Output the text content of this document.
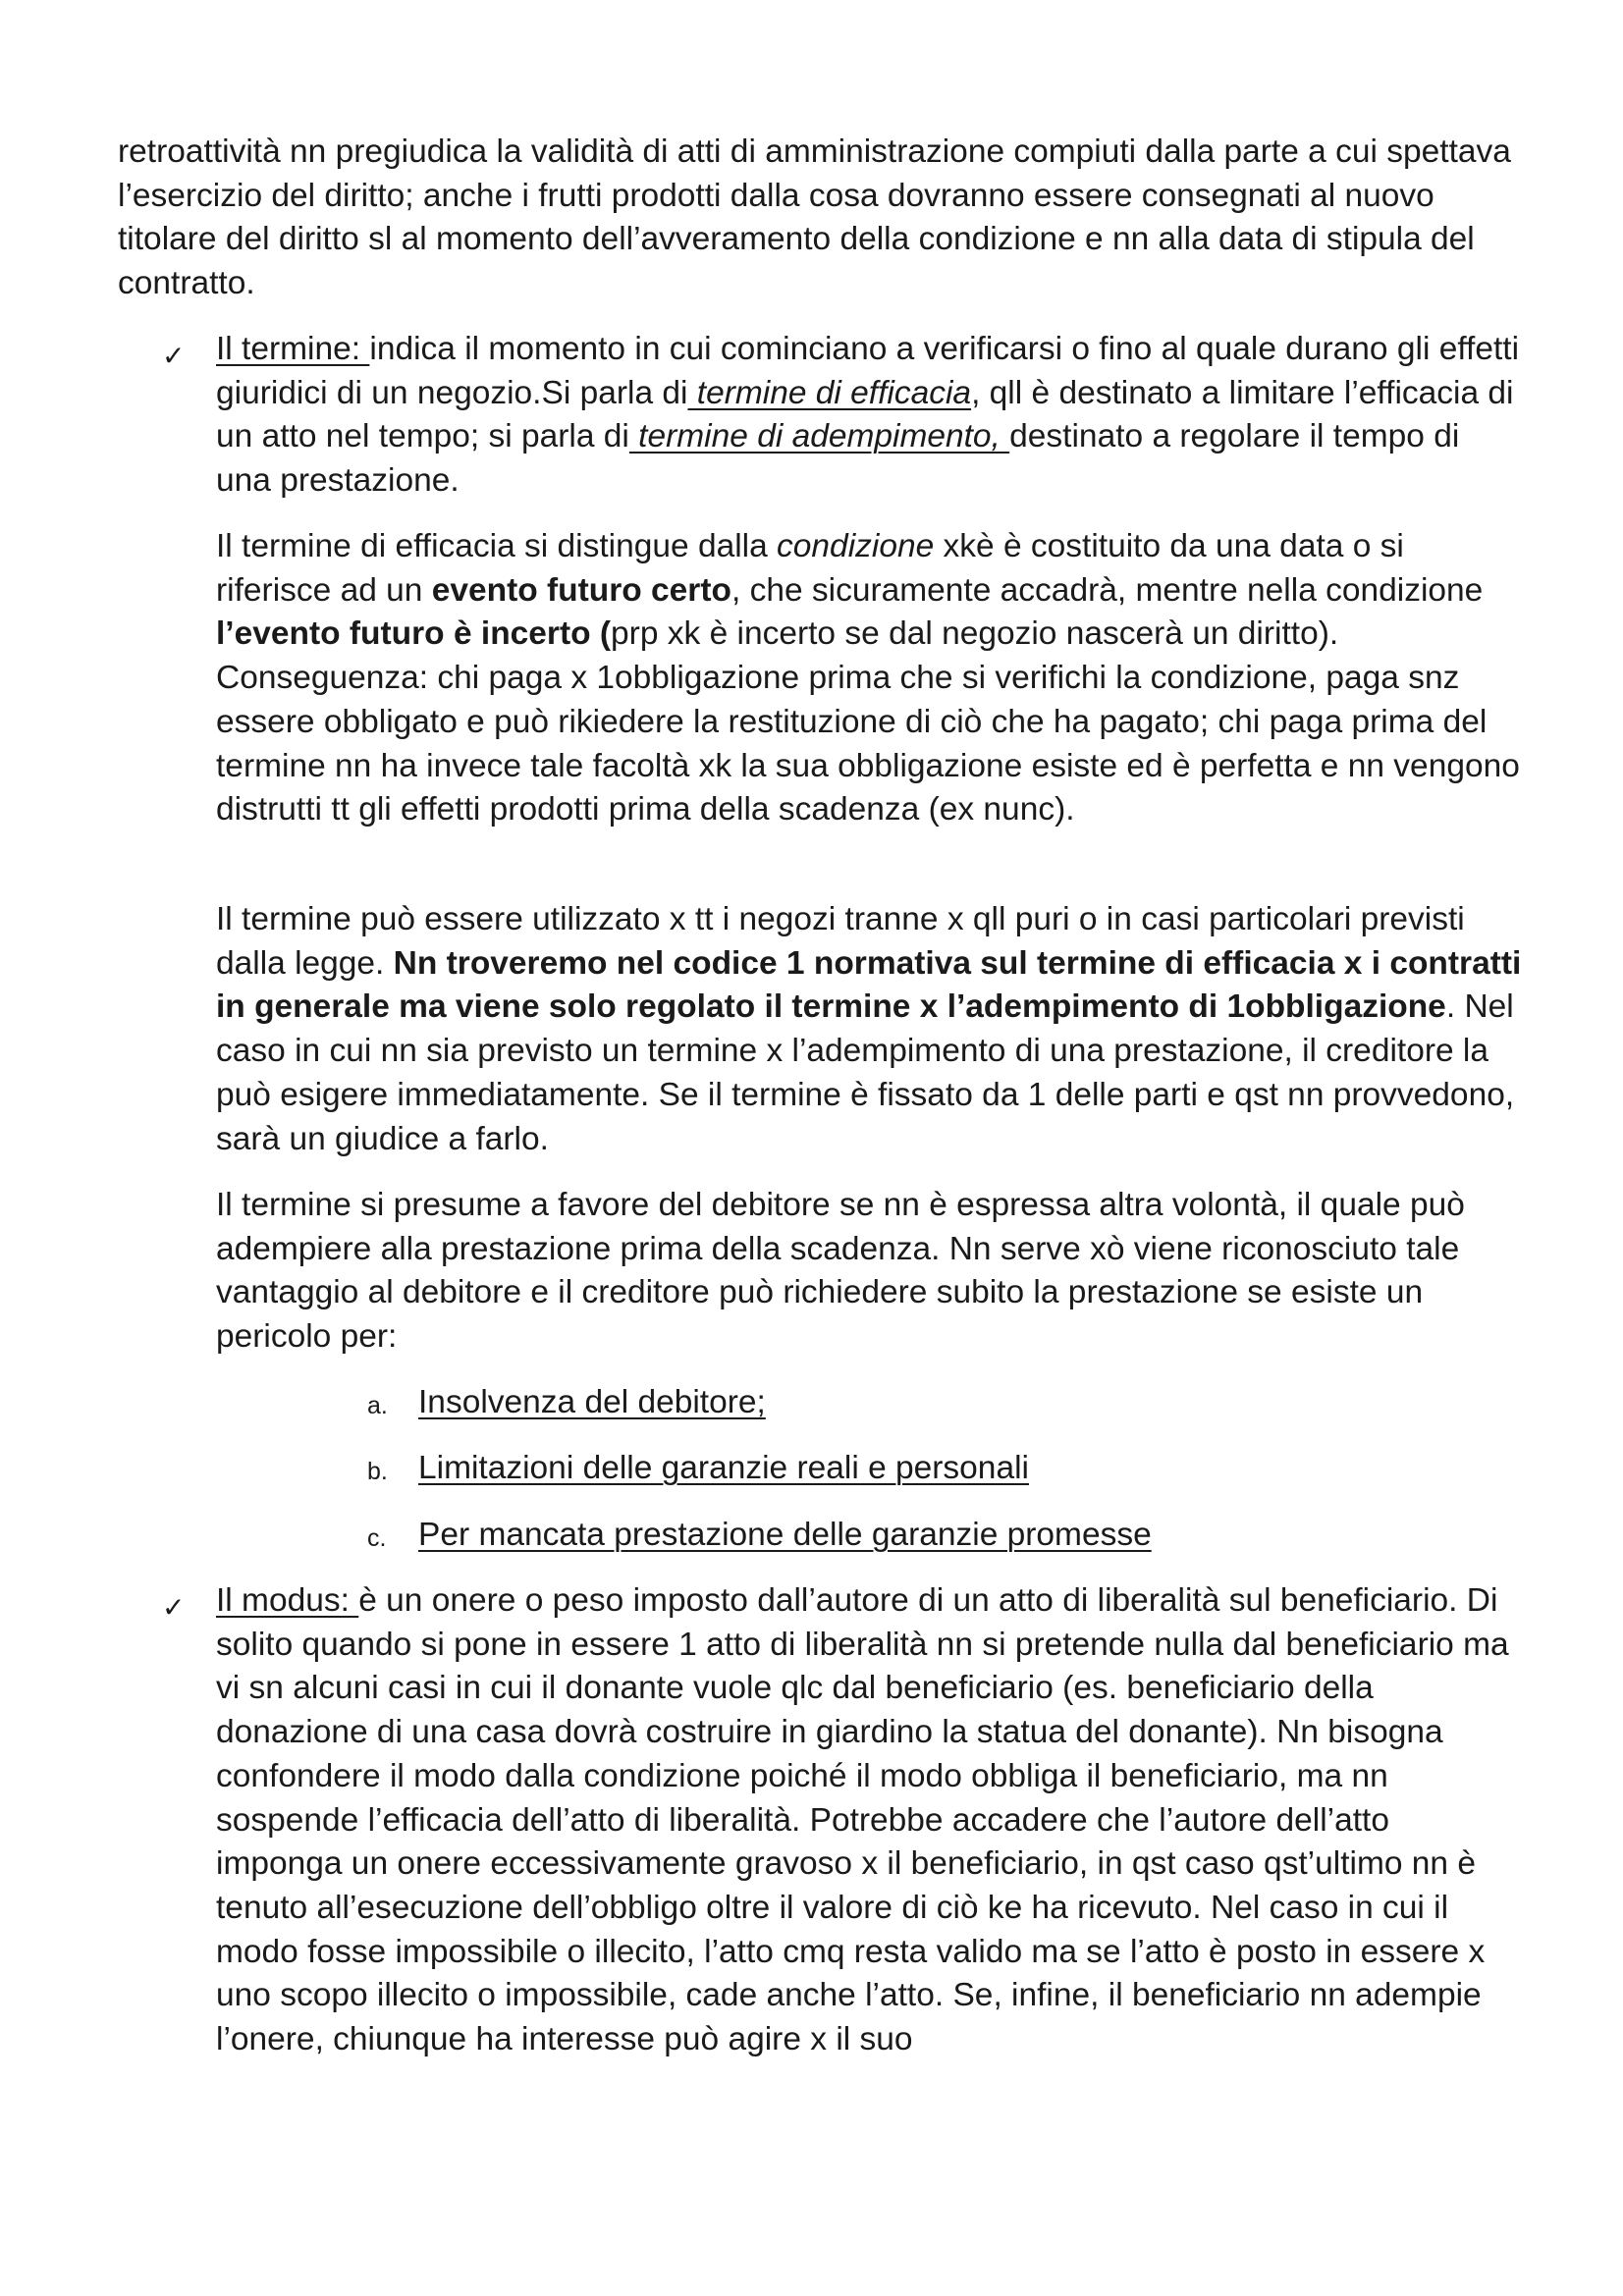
retroattività nn pregiudica la validità di atti di amministrazione compiuti dalla parte a cui spettava l’esercizio del diritto; anche i frutti prodotti dalla cosa dovranno essere consegnati al nuovo titolare del diritto sl al momento dell’avveramento della condizione e nn alla data di stipula del contratto.

✓ Il termine: indica il momento in cui cominciano a verificarsi o fino al quale durano gli effetti giuridici di un negozio.Si parla di termine di efficacia, qll è destinato a limitare l’efficacia di un atto nel tempo; si parla di termine di adempimento, destinato a regolare il tempo di una prestazione.

Il termine di efficacia si distingue dalla condizione xkè è costituito da una data o si riferisce ad un evento futuro certo, che sicuramente accadrà, mentre nella condizione l’evento futuro è incerto (prp xk è incerto se dal negozio nascerà un diritto). Conseguenza: chi paga x 1obbligazione prima che si verifichi la condizione, paga snz essere obbligato e può rikiedere la restituzione di ciò che ha pagato; chi paga prima del termine nn ha invece tale facoltà xk la sua obbligazione esiste ed è perfetta e nn vengono distrutti tt gli effetti prodotti prima della scadenza (ex nunc).

Il termine può essere utilizzato x tt i negozi tranne x qll puri o in casi particolari previsti dalla legge. Nn troveremo nel codice 1 normativa sul termine di efficacia x i contratti in generale ma viene solo regolato il termine x l’adempimento di 1obbligazione. Nel caso in cui nn sia previsto un termine x l’adempimento di una prestazione, il creditore la può esigere immediatamente. Se il termine è fissato da 1 delle parti e qst nn provvedono, sarà un giudice a farlo.

Il termine si presume a favore del debitore se nn è espressa altra volontà, il quale può adempiere alla prestazione prima della scadenza. Nn serve xò viene riconosciuto tale vantaggio al debitore e il creditore può richiedere subito la prestazione se esiste un pericolo per:

a. Insolvenza del debitore;
b. Limitazioni delle garanzie reali e personali
c. Per mancata prestazione delle garanzie promesse
✓ Il modus: è un onere o peso imposto dall’autore di un atto di liberalità sul beneficiario. Di solito quando si pone in essere 1 atto di liberalità nn si pretende nulla dal beneficiario ma vi sn alcuni casi in cui il donante vuole qlc dal beneficiario (es. beneficiario della donazione di una casa dovrà costruire in giardino la statua del donante). Nn bisogna confondere il modo dalla condizione poiché il modo obbliga il beneficiario, ma nn sospende l’efficacia dell’atto di liberalità. Potrebbe accadere che l’autore dell’atto imponga un onere eccessivamente gravoso x il beneficiario, in qst caso qst’ultimo nn è tenuto all’esecuzione dell’obbligo oltre il valore di ciò ke ha ricevuto. Nel caso in cui il modo fosse impossibile o illecito, l’atto cmq resta valido ma se l’atto è posto in essere x uno scopo illecito o impossibile, cade anche l’atto. Se, infine, il beneficiario nn adempie l’onere, chiunque ha interesse può agire x il suo
